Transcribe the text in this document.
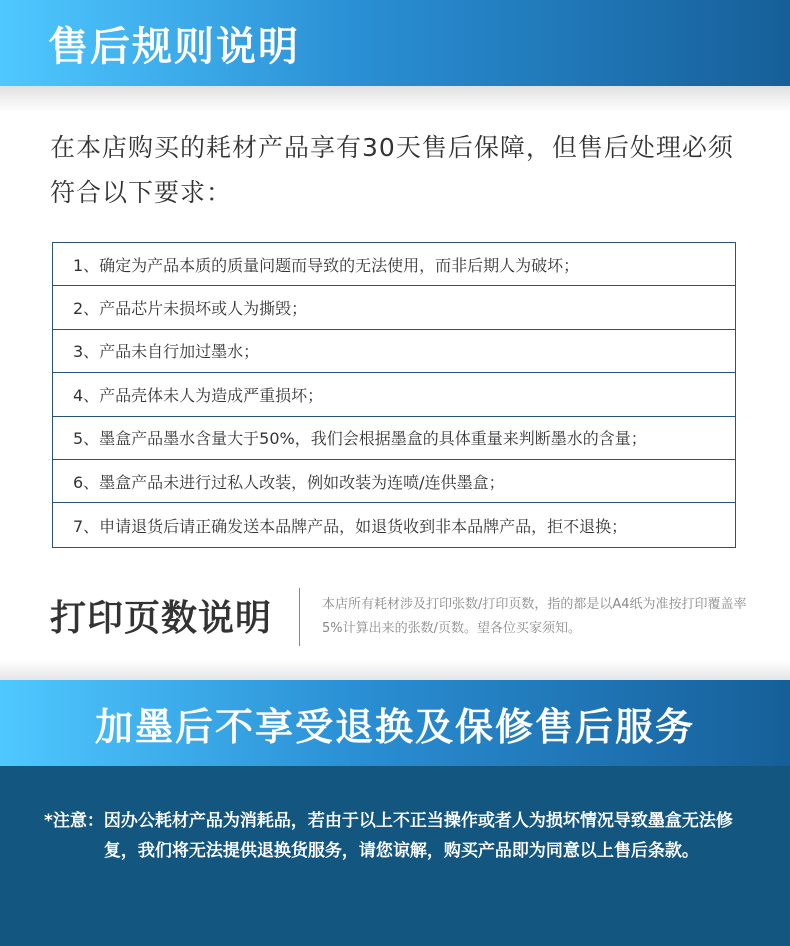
售后规则说明

在本店购买的耗材产品享有30天售后保障，但售后处理必须符合以下要求：

1、确定为产品本质的质量问题而导致的无法使用，而非后期人为破坏；
2、产品芯片未损坏或人为撕毁；
3、产品未自行加过墨水；
4、产品壳体未人为造成严重损坏；
5、墨盒产品墨水含量大于50%，我们会根据墨盒的具体重量来判断墨水的含量；
6、墨盒产品未进行过私人改装，例如改装为连喷/连供墨盒；
7、申请退货后请正确发送本品牌产品，如退货收到非本品牌产品，拒不退换；
打印页数说明	本店所有耗材涉及打印张数/打印页数，指的都是以A4纸为准按打印覆盖率5%计算出来的张数/页数。望各位买家须知。

加墨后不享受退换及保修售后服务
*注意： 因办公耗材产品为消耗品，若由于以上不正当操作或者人为损坏情况导致墨盒无法修复，我们将无法提供退换货服务，请您谅解，购买产品即为同意以上售后条款。
